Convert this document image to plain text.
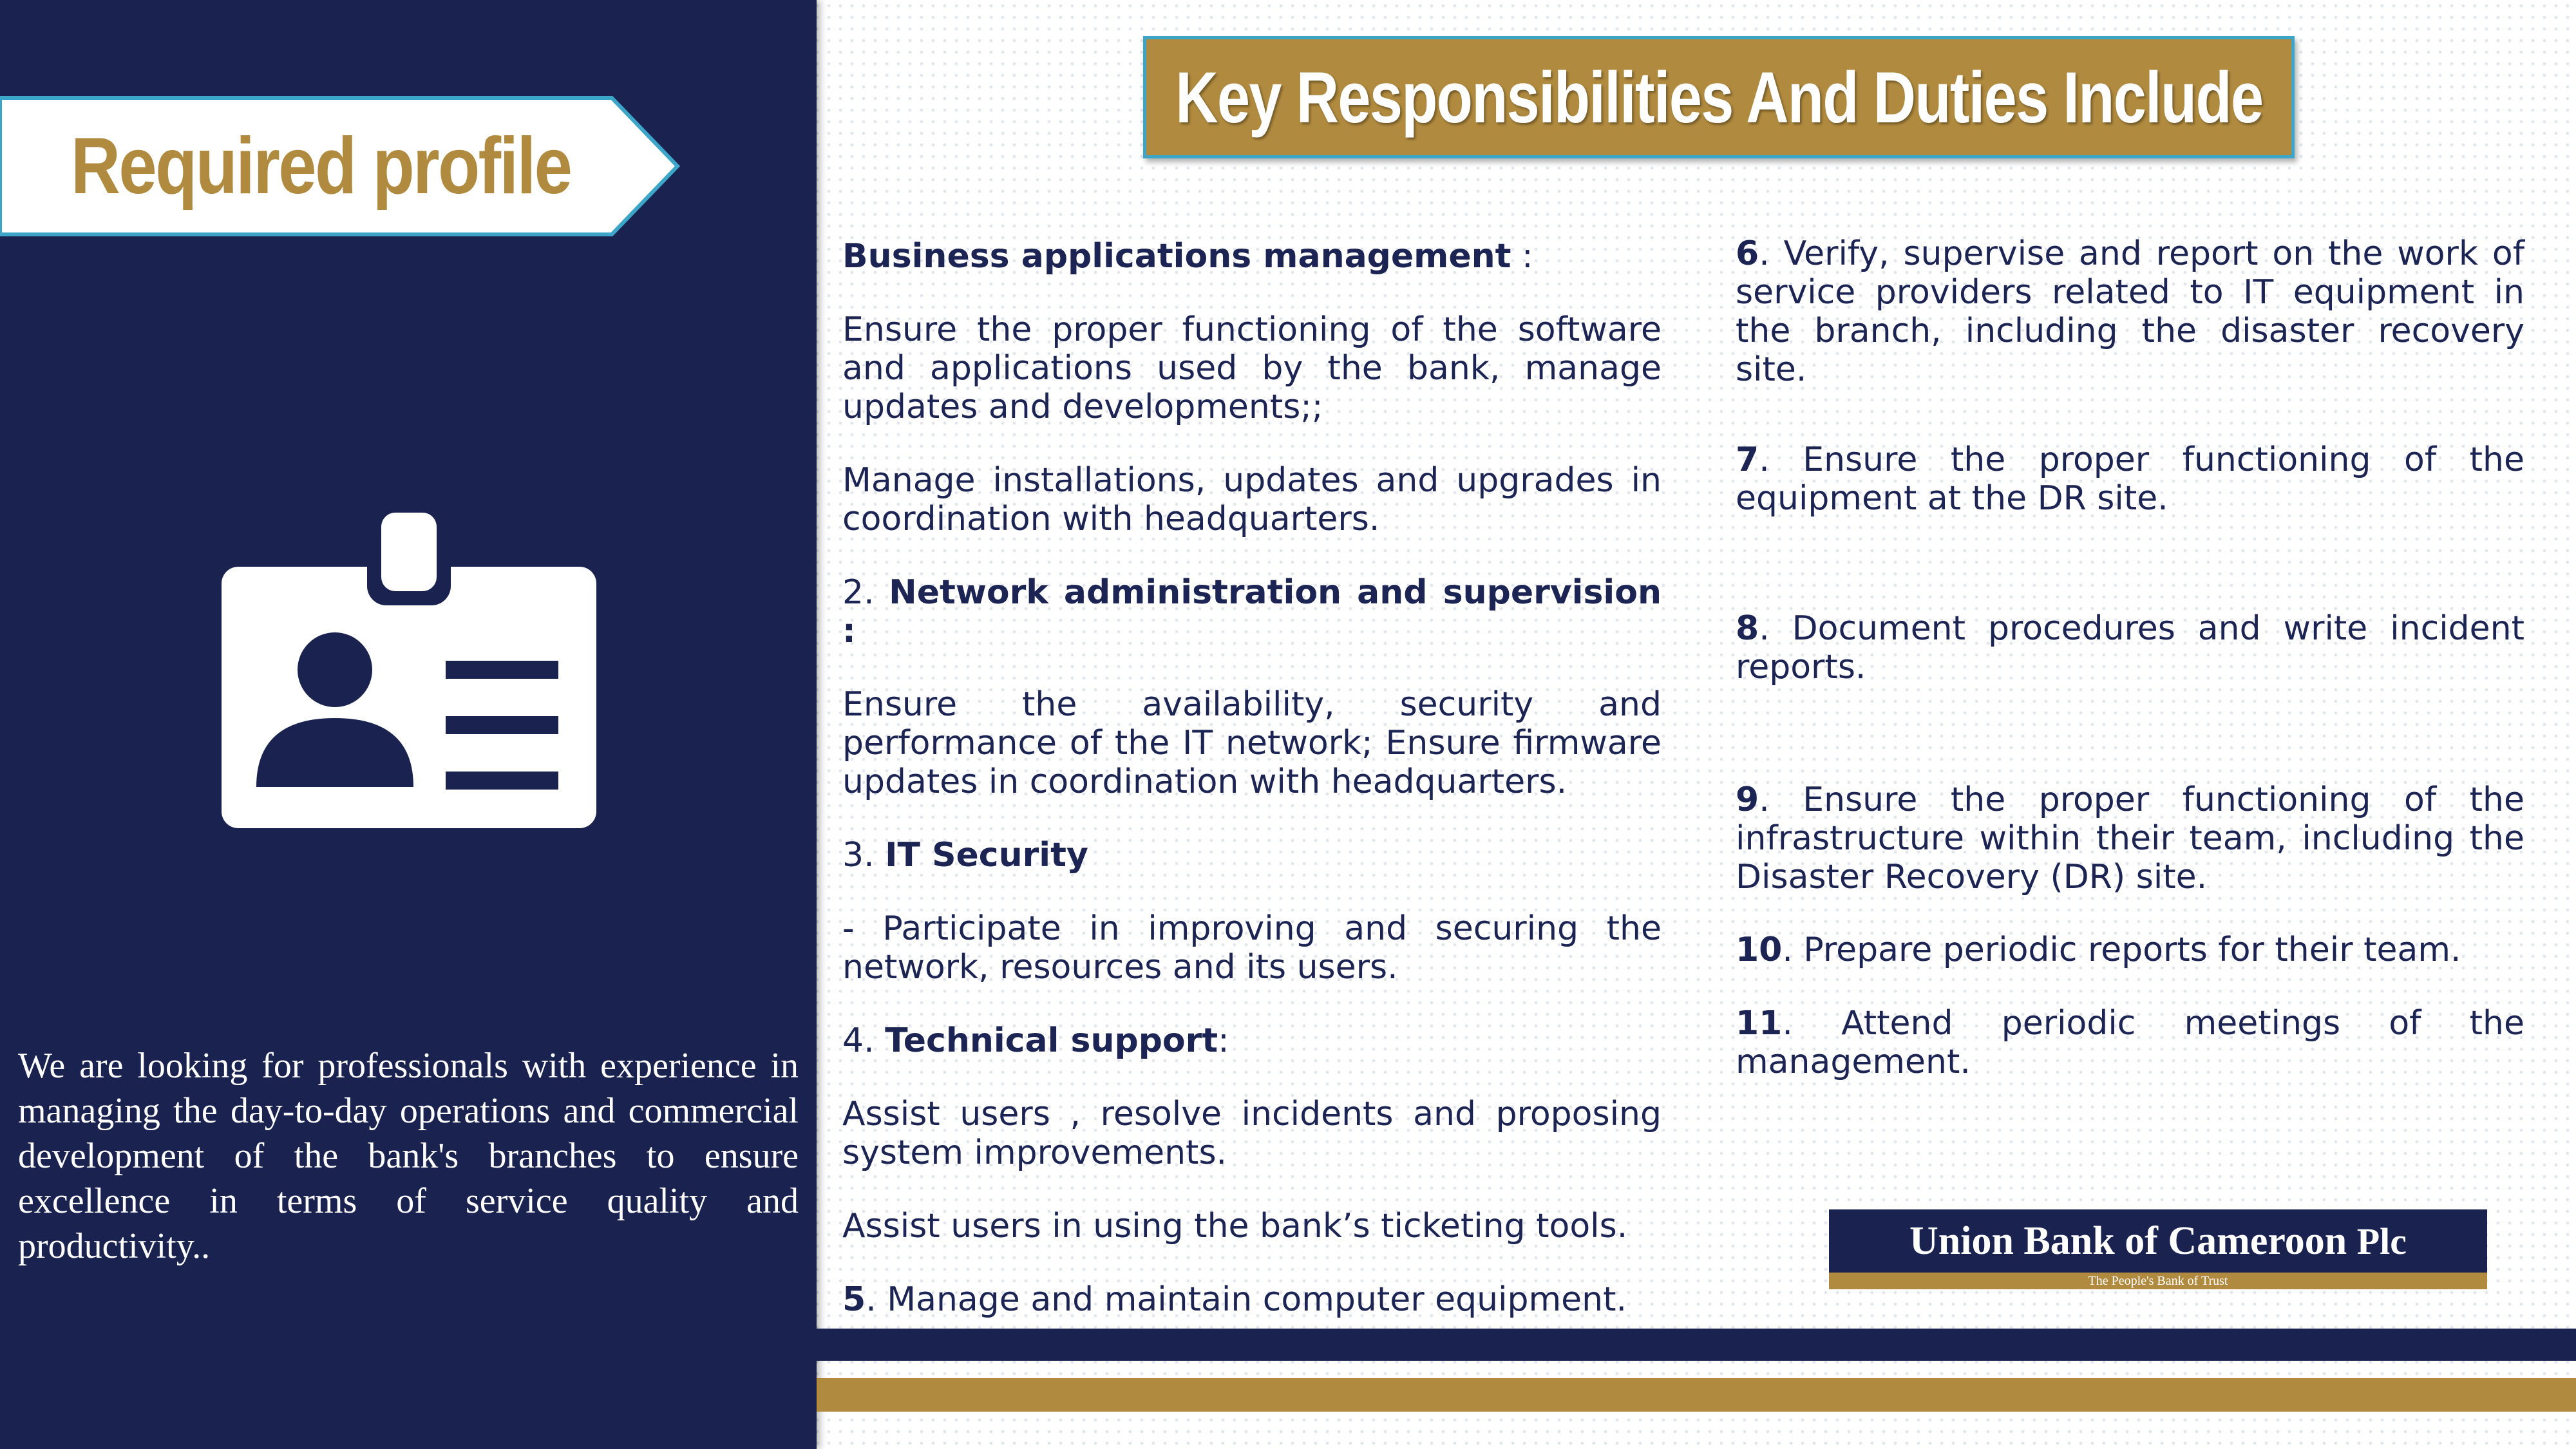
Required profile

We are looking for professionals with experience in managing the day-to-day operations and commercial development of the bank's branches to ensure excellence in terms of service quality and productivity..

Key Responsibilities And Duties Include

Business applications management :

Ensure the proper functioning of the software and applications used by the bank, manage updates and developments;;

Manage installations, updates and upgrades in coordination with headquarters.

2. Network administration and supervision :

Ensure the availability, security and performance of the IT network; Ensure firmware updates in coordination with headquarters.

3. IT Security

- Participate in improving and securing the network, resources and its users.

4. Technical support:

Assist users , resolve incidents and proposing system improvements.

Assist users in using the bank’s ticketing tools.

5. Manage and maintain computer equipment.

6. Verify, supervise and report on the work of service providers related to IT equipment in the branch, including the disaster recovery site.

7. Ensure the proper functioning of the equipment at the DR site.

8. Document procedures and write incident reports.

9. Ensure the proper functioning of the infrastructure within their team, including the Disaster Recovery (DR) site.

10. Prepare periodic reports for their team.

11. Attend periodic meetings of the management.

Union Bank of Cameroon Plc
The People's Bank of Trust
